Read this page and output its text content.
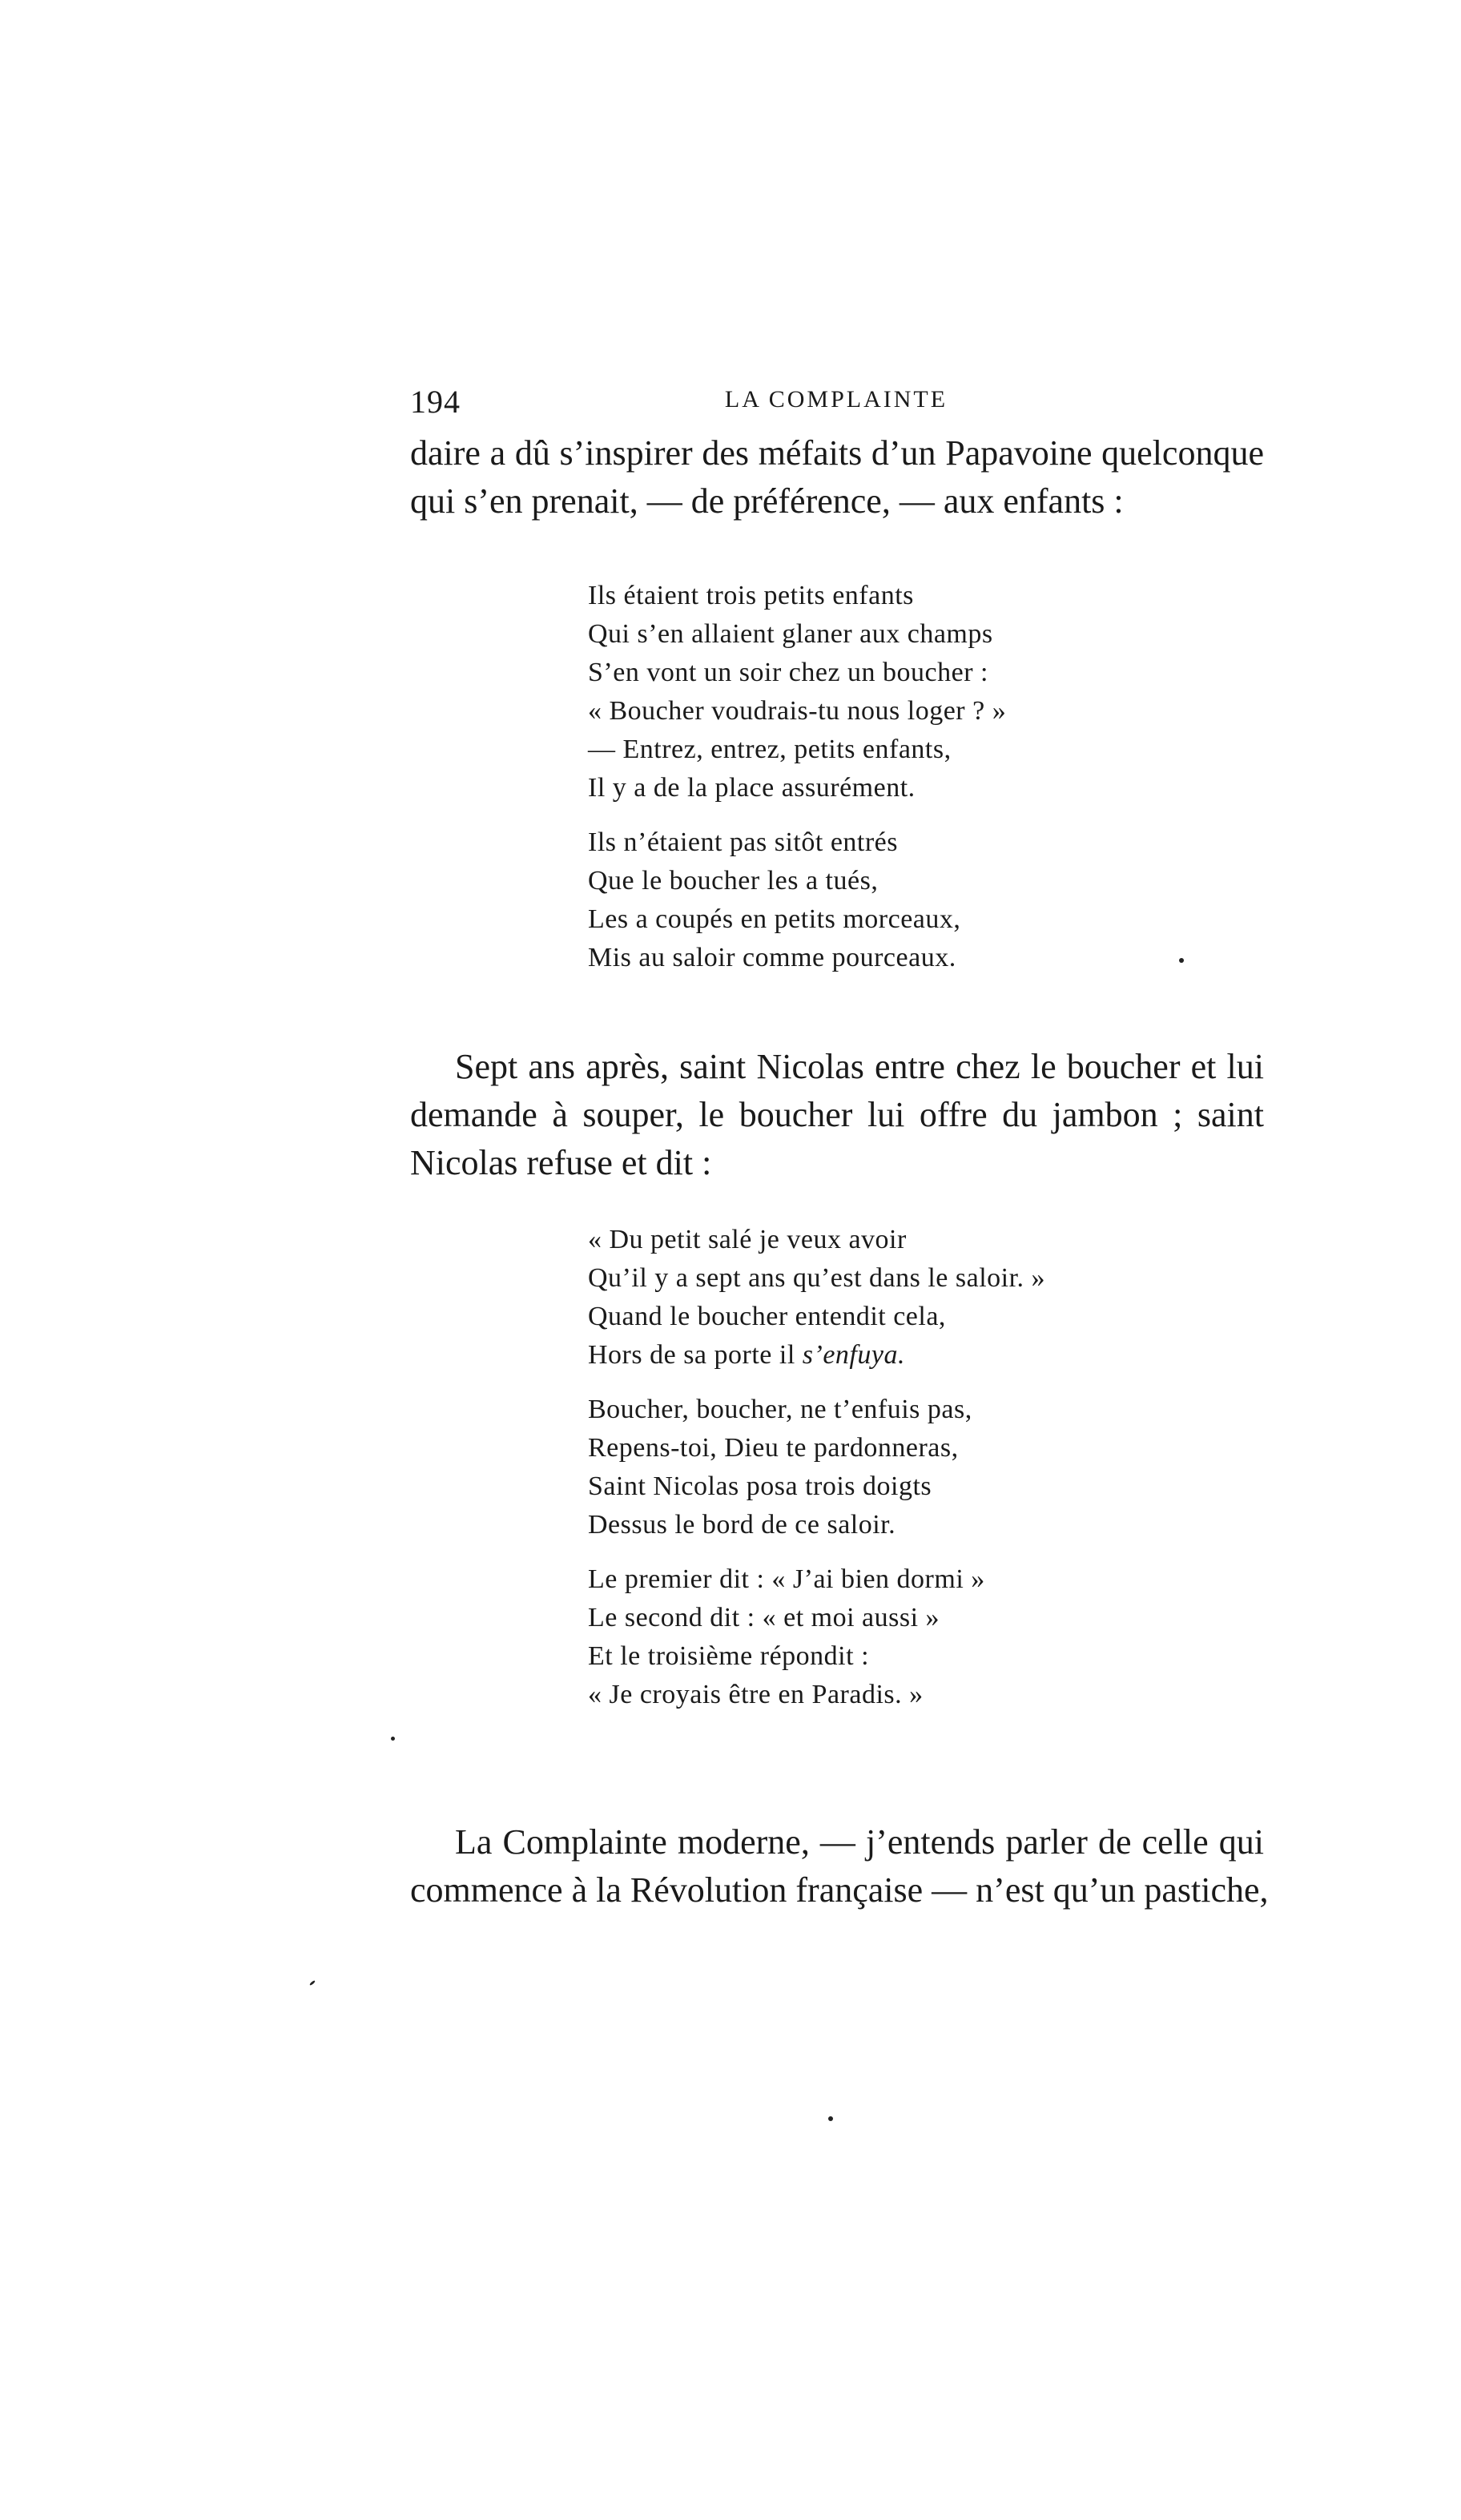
194	LA COMPLAINTE
daire a dû s’inspirer des méfaits d’un Papavoine quelconque
qui s’en prenait, — de préférence, — aux enfants :
Ils étaient trois petits enfants
Qui s’en allaient glaner aux champs
S’en vont un soir chez un boucher :
« Boucher voudrais-tu nous loger ? »
— Entrez, entrez, petits enfants,
Il y a de la place assurément.
Ils n’étaient pas sitôt entrés
Que le boucher les a tués,
Les a coupés en petits morceaux,
Mis au saloir comme pourceaux.
Sept ans après, saint Nicolas entre chez le boucher et lui
demande à souper, le boucher lui offre du jambon ; saint
Nicolas refuse et dit :
« Du petit salé je veux avoir
Qu’il y a sept ans qu’est dans le saloir. »
Quand le boucher entendit cela,
Hors de sa porte il s’enfuya.
Boucher, boucher, ne t’enfuis pas,
Repens-toi, Dieu te pardonneras,
Saint Nicolas posa trois doigts
Dessus le bord de ce saloir.
Le premier dit : « J’ai bien dormi »
Le second dit : « et moi aussi »
Et le troisième répondit :
« Je croyais être en Paradis. »
La Complainte moderne, — j’entends parler de celle qui
commence à la Révolution française — n’est qu’un pastiche,
